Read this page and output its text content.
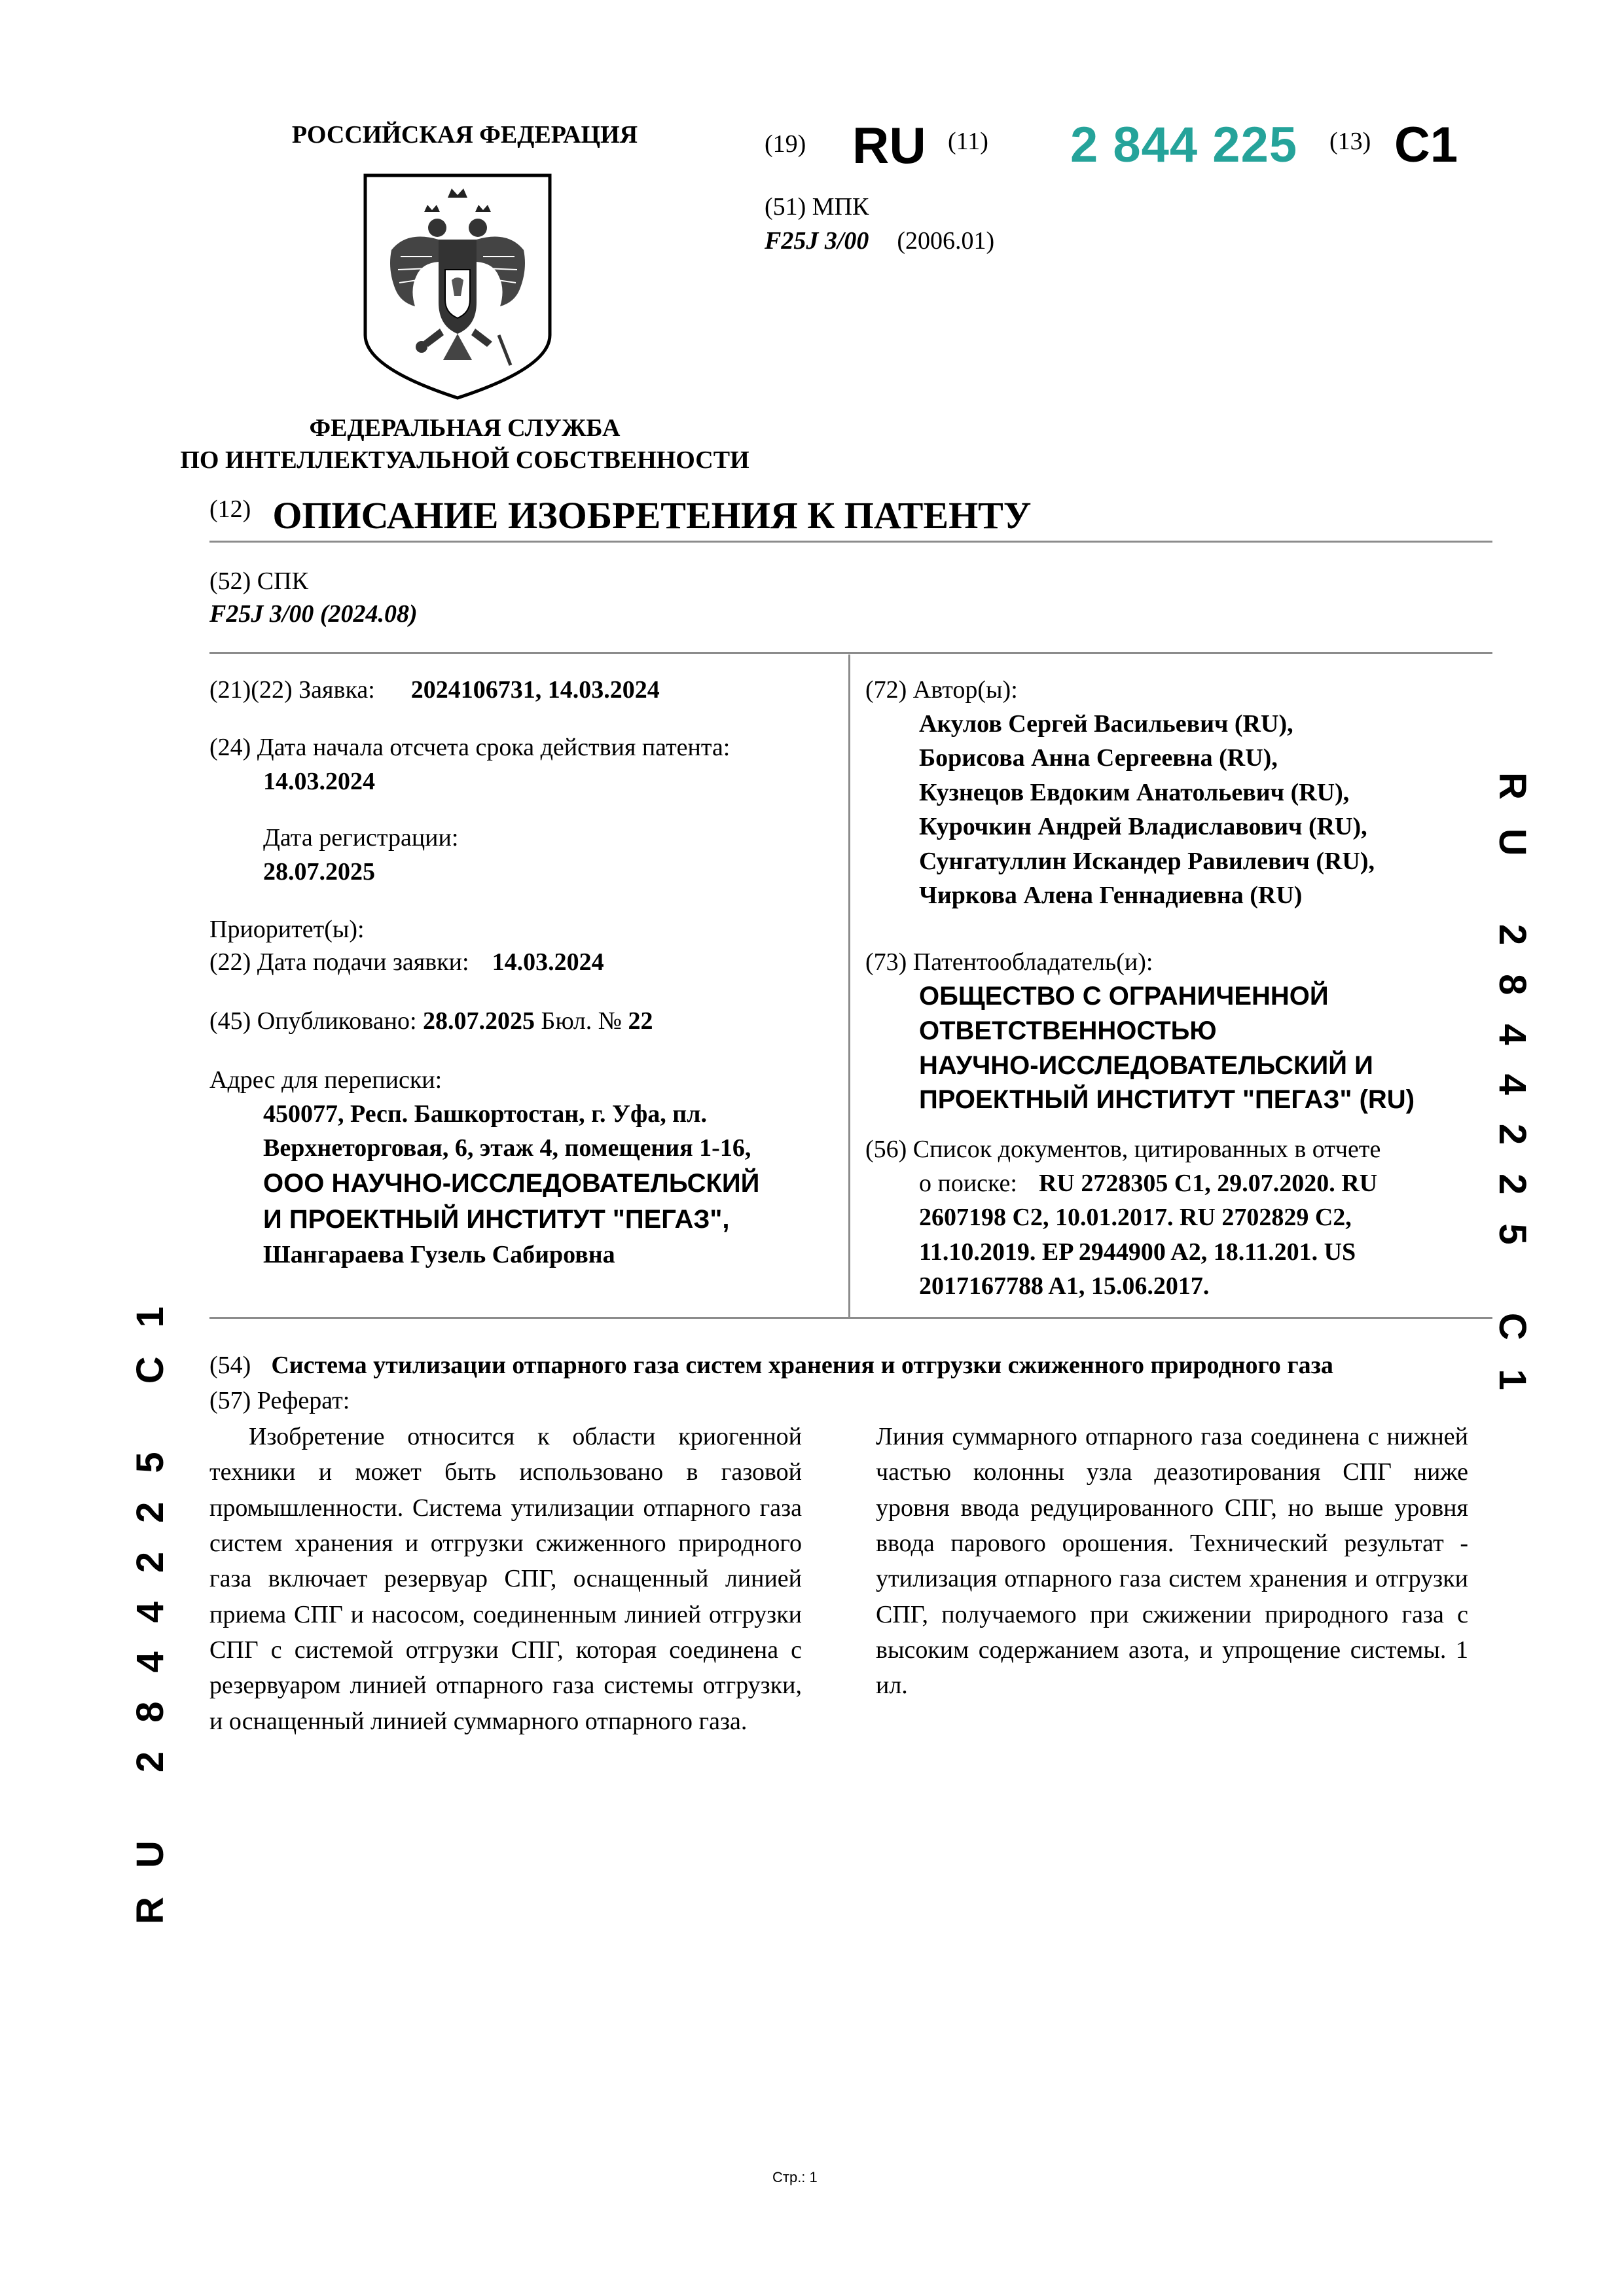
РОССИЙСКАЯ ФЕДЕРАЦИЯ
ФЕДЕРАЛЬНАЯ СЛУЖБА
ПО ИНТЕЛЛЕКТУАЛЬНОЙ СОБСТВЕННОСТИ
(19) RU (11) 2 844 225 (13) C1
(51) МПК
F25J 3/00 (2006.01)
(12) ОПИСАНИЕ ИЗОБРЕТЕНИЯ К ПАТЕНТУ
(52) СПК
F25J 3/00 (2024.08)
(21)(22) Заявка: 2024106731, 14.03.2024
(24) Дата начала отсчета срока действия патента:
14.03.2024
Дата регистрации:
28.07.2025
Приоритет(ы):
(22) Дата подачи заявки: 14.03.2024
(45) Опубликовано: 28.07.2025 Бюл. № 22
Адрес для переписки:
450077, Респ. Башкортостан, г. Уфа, пл.
Верхнеторговая, 6, этаж 4, помещения 1-16,
ООО НАУЧНО-ИССЛЕДОВАТЕЛЬСКИЙ
И ПРОЕКТНЫЙ ИНСТИТУТ "ПЕГАЗ",
Шангараева Гузель Сабировна
(72) Автор(ы):
Акулов Сергей Васильевич (RU),
Борисова Анна Сергеевна (RU),
Кузнецов Евдоким Анатольевич (RU),
Курочкин Андрей Владиславович (RU),
Сунгатуллин Искандер Равилевич (RU),
Чиркова Алена Геннадиевна (RU)
(73) Патентообладатель(и):
ОБЩЕСТВО С ОГРАНИЧЕННОЙ
ОТВЕТСТВЕННОСТЬЮ
НАУЧНО-ИССЛЕДОВАТЕЛЬСКИЙ И
ПРОЕКТНЫЙ ИНСТИТУТ "ПЕГАЗ" (RU)
(56) Список документов, цитированных в отчете
о поиске: RU 2728305 C1, 29.07.2020. RU
2607198 C2, 10.01.2017. RU 2702829 C2,
11.10.2019. EP 2944900 A2, 18.11.201. US
2017167788 A1, 15.06.2017.	RU 2844225 C1
RU 2844225 C1 (54) Система утилизации отпарного газа систем хранения и отгрузки сжиженного природного газа
(57) Реферат:
Изобретение относится к области криогенной техники и может быть использовано в газовой промышленности. Система утилизации отпарного газа систем хранения и отгрузки сжиженного природного газа включает резервуар СПГ, оснащенный линией приема СПГ и насосом, соединенным линией отгрузки СПГ с системой отгрузки СПГ, которая соединена с резервуаром линией отпарного газа системы отгрузки, и оснащенный линией суммарного отпарного газа.
Линия суммарного отпарного газа соединена с нижней частью колонны узла деазотирования СПГ ниже уровня ввода редуцированного СПГ, но выше уровня ввода парового орошения. Технический результат - утилизация отпарного газа систем хранения и отгрузки СПГ, получаемого при сжижении природного газа с высоким содержанием азота, и упрощение системы. 1 ил.
Стр.: 1
